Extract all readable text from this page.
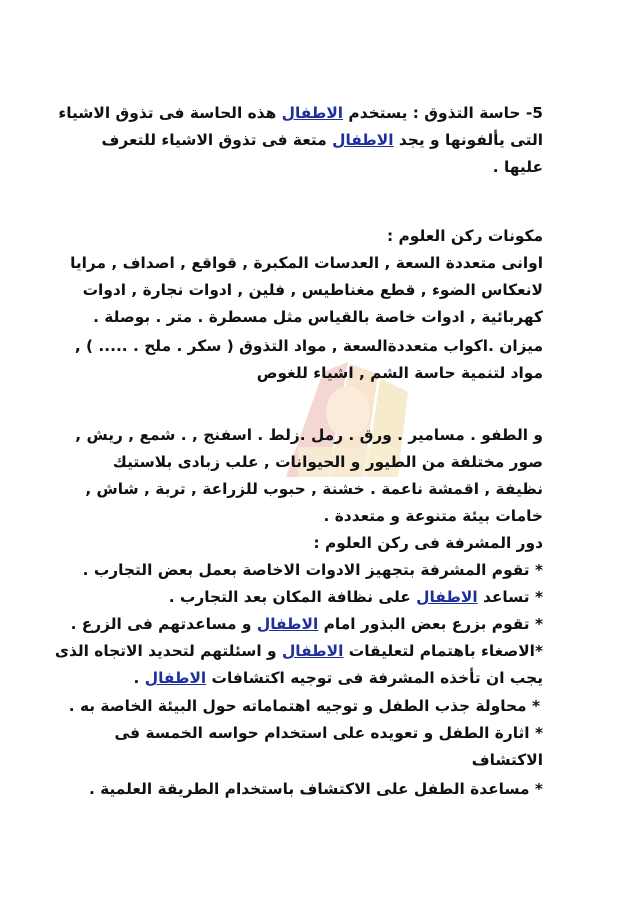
5- حاسة التذوق : يستخدم الاطفال هذه الحاسة فى تذوق الاشياء
التى يألفونها و يجد الاطفال متعة فى تذوق الاشياء للتعرف
عليها .
مكونات ركن العلوم :
اوانى متعددة السعة , العدسات المكبرة , قواقع , اصداف , مرايا
لانعكاس الضوء , قطع مغناطيس , فلين , ادوات نجارة , ادوات
كهربائية , ادوات خاصة بالقياس مثل مسطرة . متر . بوصلة .
ميزان .اكواب متعددةالسعة , مواد التذوق ( سكر . ملح . ..... ) ,
مواد لتنمية حاسة الشم , اشياء للغوص
و الطفو . مسامير . ورق . رمل .زلط . اسفنج , . شمع , ريش ,
صور مختلفة من الطيور و الحيوانات , علب زبادى بلاستيك
نظيفة , اقمشة ناعمة . خشنة , حبوب للزراعة , تربة , شاش ,
خامات بيئة متنوعة و متعددة .
دور المشرفة فى ركن العلوم :
* تقوم المشرفة بتجهيز الادوات الاخاصة بعمل بعض التجارب .
* تساعد الاطفال على نظافة المكان بعد التجارب .
* تقوم بزرع بعض البذور امام الاطفال و مساعدتهم فى الزرع .
*الاصغاء باهتمام لتعليقات الاطفال و اسئلتهم لتحديد الاتجاه الذى
يجب ان تأخذه المشرفة فى توجيه اكتشافات الاطفال .
* محاولة جذب الطفل و توجيه اهتماماته حول البيئة الخاصة به .
* اثارة الطفل و تعويده على استخدام حواسه الخمسة فى
الاكتشاف
* مساعدة الطفل على الاكتشاف باستخدام الطريقة العلمية .
